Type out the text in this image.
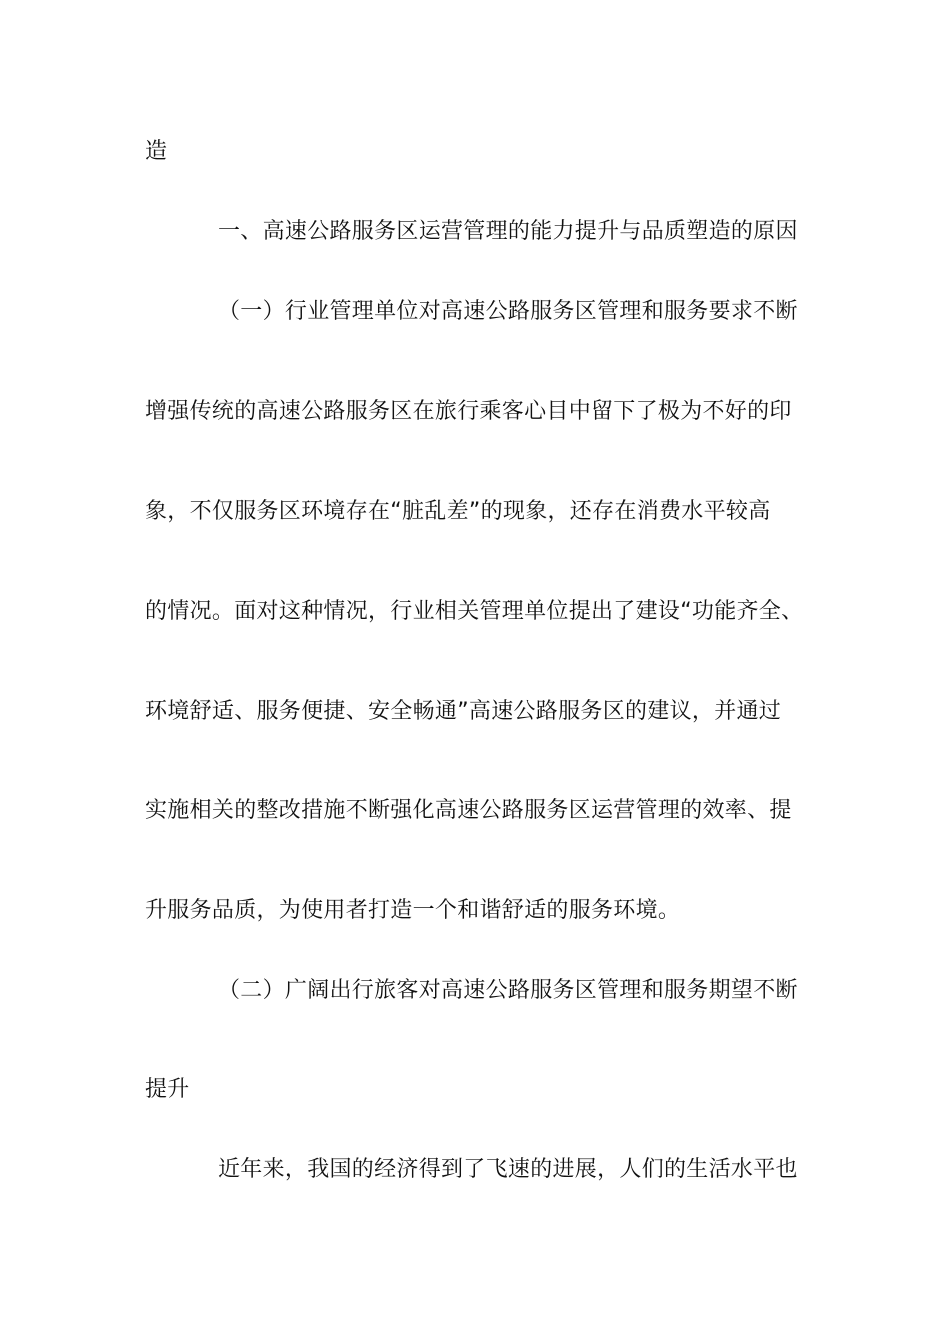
造
一、高速公路服务区运营管理的能力提升与品质塑造的原因
（一）行业管理单位对高速公路服务区管理和服务要求不断
增强传统的高速公路服务区在旅行乘客心目中留下了极为不好的印
象，不仅服务区环境存在“脏乱差”的现象，还存在消费水平较高
的情况。面对这种情况，行业相关管理单位提出了建设“功能齐全、
环境舒适、服务便捷、安全畅通”高速公路服务区的建议，并通过
实施相关的整改措施不断强化高速公路服务区运营管理的效率、提
升服务品质，为使用者打造一个和谐舒适的服务环境。
（二）广阔出行旅客对高速公路服务区管理和服务期望不断
提升
近年来，我国的经济得到了飞速的进展，人们的生活水平也
